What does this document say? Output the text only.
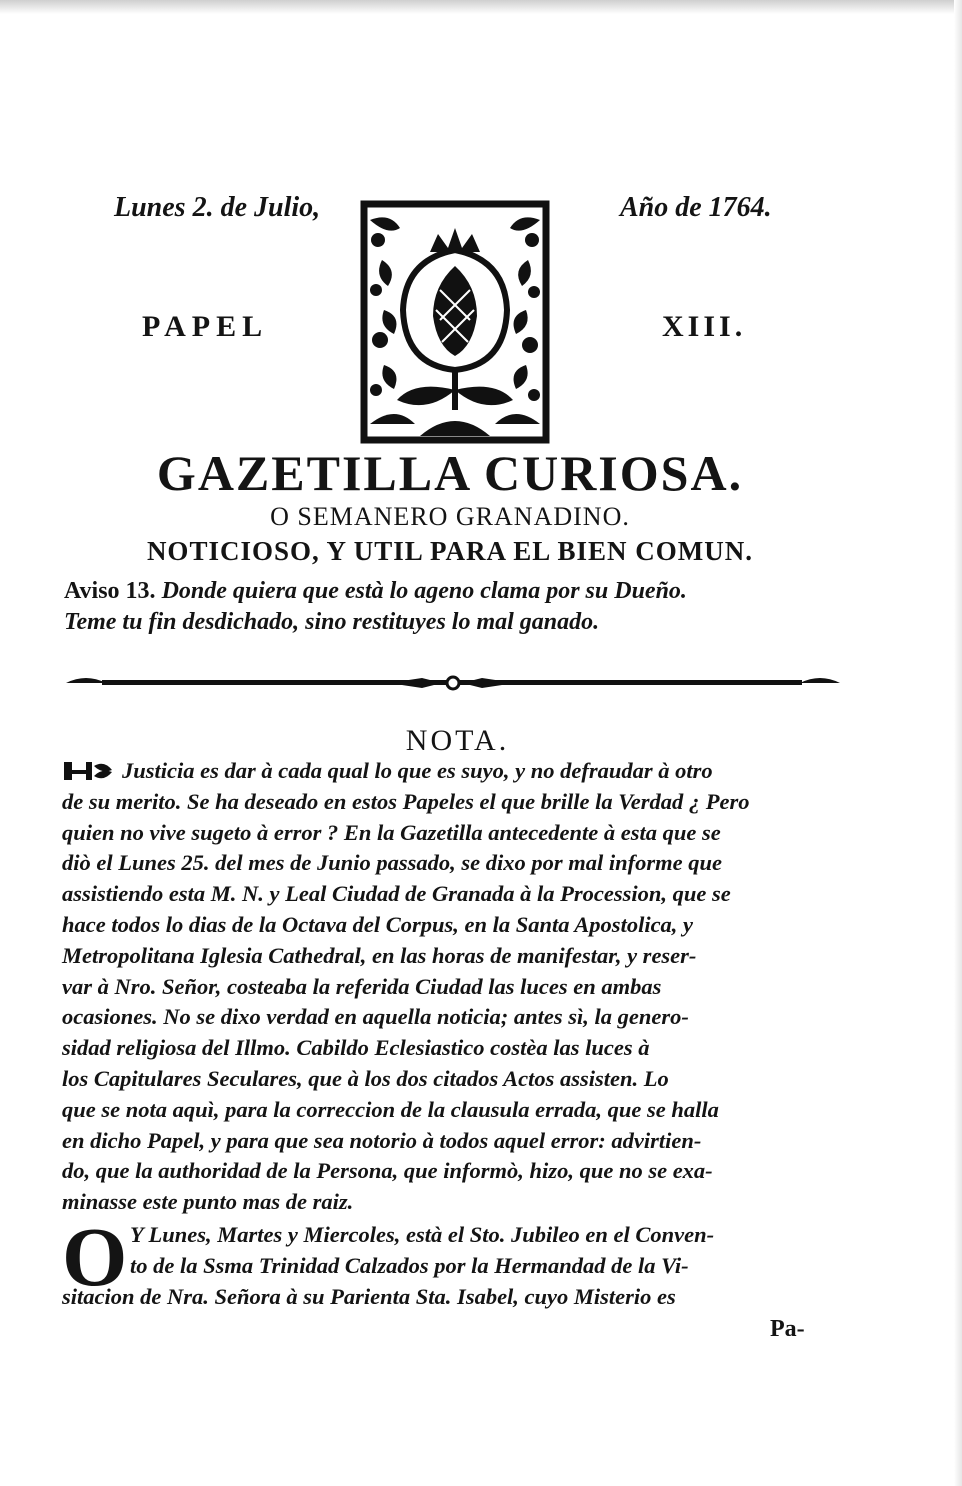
Lunes 2. de Julio,	Año de 1764.
PAPEL	XIII.
GAZETILLA CURIOSA.
O SEMANERO GRANADINO.
NOTICIOSO, Y UTIL PARA EL BIEN COMUN.
Aviso 13. Donde quiera que està lo ageno clama por su Dueño.
Teme tu fin desdichado, sino restituyes lo mal ganado.
NOTA.
Justicia es dar à cada qual lo que es suyo, y no defraudar à otro
de su merito. Se ha deseado en estos Papeles el que brille la Verdad ¿ Pero
quien no vive sugeto à error ? En la Gazetilla antecedente à esta que se
diò el Lunes 25. del mes de Junio passado, se dixo por mal informe que
assistiendo esta M. N. y Leal Ciudad de Granada à la Procession, que se
hace todos lo dias de la Octava del Corpus, en la Santa Apostolica, y
Metropolitana Iglesia Cathedral, en las horas de manifestar, y reser-
var à Nro. Señor, costeaba la referida Ciudad las luces en ambas
ocasiones. No se dixo verdad en aquella noticia; antes sì, la genero-
sidad religiosa del Illmo. Cabildo Eclesiastico costèa las luces à
los Capitulares Seculares, que à los dos citados Actos assisten. Lo
que se nota aquì, para la correccion de la clausula errada, que se halla
en dicho Papel, y para que sea notorio à todos aquel error: advirtien-
do, que la authoridad de la Persona, que informò, hizo, que no se exa-
minasse este punto mas de raiz.
O Y Lunes, Martes y Miercoles, està el Sto. Jubileo en el Conven-
to de la Ssma Trinidad Calzados por la Hermandad de la Vi-
sitacion de Nra. Señora à su Parienta Sta. Isabel, cuyo Misterio es
Pa-
